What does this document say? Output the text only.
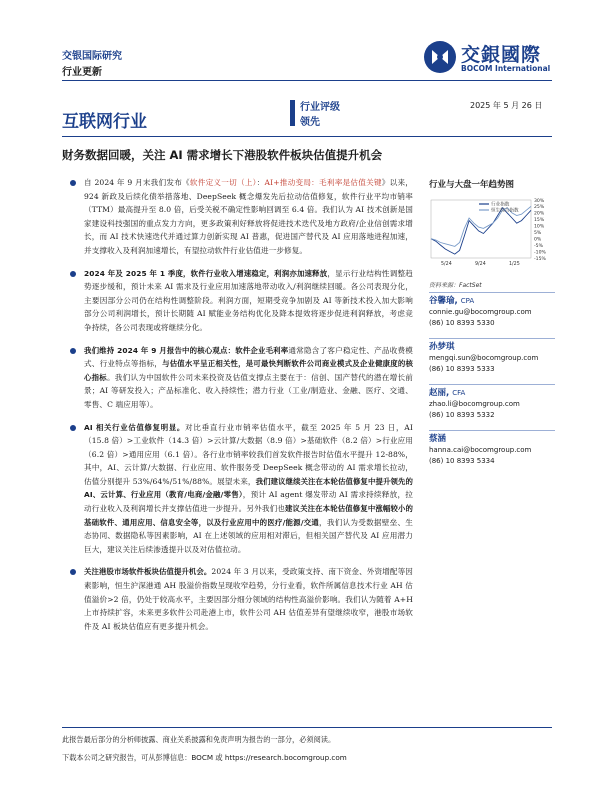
交银国际研究
行业更新
交銀國際
BOCOM International
互联网行业
行业评级
领先
2025 年 5 月 26 日
财务数据回暖，关注 AI 需求增长下港股软件板块估值提升机会

自 2024 年 9 月末我们发布《软件定义一切（上）：AI+推动变局：毛利率是估值关键》以来，924 新政及后续化债举措落地、DeepSeek 概念爆发先后拉动估值修复，软件行业平均市销率（TTM）最高提升至 8.0 倍，后受关税不确定性影响回调至 6.4 倍。我们认为 AI 技术创新是国家建设科技强国的重点发力方向，更多政策利好释放将促进技术迭代及地方政府/企业信创需求增长，而 AI 技术快速迭代并通过算力创新实现 AI 普惠，促进国产替代及 AI 应用落地进程加速，并支撑收入及利润加速增长，有望拉动软件行业估值进一步修复。

2024 年及 2025 年 1 季度，软件行业收入增速稳定，利润亦加速释放，显示行业结构性调整趋势逐步缓和，预计未来 AI 需求及行业应用加速落地带动收入/利润继续回暖。各公司表现分化，主要因部分公司仍在结构性调整阶段。利润方面，短期受竞争加剧及 AI 等新技术投入加大影响部分公司利润增长，预计长期随 AI 赋能业务结构优化及降本提效将逐步促进利润释放，考虑竞争持续，各公司表现或将继续分化。

我们维持 2024 年 9 月报告中的核心观点：软件企业毛利率通常隐含了客户稳定性、产品收费模式、行业特点等指标，与估值水平呈正相关性，是可最快判断软件公司商业模式及企业健康度的核心指标。我们认为中国软件公司未来投资及估值支撑点主要在于：信创、国产替代的潜在增长前景；AI 等研发投入；产品标准化、收入持续性；潜力行业（工业/制造业、金融、医疗、交通、零售、C 端应用等）。

AI 相关行业估值修复明显。对比垂直行业市销率估值水平，截至 2025 年 5 月 23 日，AI（15.8 倍）>工业软件（14.3 倍）>云计算/大数据（8.9 倍）>基础软件（8.2 倍）>行业应用（6.2 倍）>通用应用（6.1 倍）。各行业市销率较我们首发软件报告时估值水平提升 12-88%，其中，AI、云计算/大数据、行业应用、软件服务受 DeepSeek 概念带动的 AI 需求增长拉动，估值分别提升 53%/64%/51%/88%。展望未来，我们建议继续关注在本轮估值修复中提升领先的 AI、云计算、行业应用（教育/电商/金融/零售），预计 AI agent 爆发带动 AI 需求持续释放，拉动行业收入及利润增长并支撑估值进一步提升。另外我们也建议关注在本轮估值修复中涨幅较小的基础软件、通用应用、信息安全等，以及行业应用中的医疗/能源/交通，我们认为受数据壁垒、生态协同、数据隐私等因素影响，AI 在上述领域的应用相对滞后，但相关国产替代及 AI 应用潜力巨大，建议关注后续渗透提升以及对估值拉动。

关注港股市场软件板块估值提升机会。2024 年 3 月以来，受政策支持、南下资金、外资增配等因素影响，恒生沪深港通 AH 股溢价指数呈现收窄趋势，分行业看，软件所属信息技术行业 AH 估值溢价>2 倍，仍处于较高水平，主要因部分细分领域的结构性高溢价影响。我们认为随着 A+H 上市持续扩容，未来更多软件公司赴港上市，软件公司 AH 估值差异有望继续收窄，港股市场软件及 AI 板块估值应有更多提升机会。

行业与大盘一年趋势图
30%
25%
20%
15%
10%
5%
0%
-5%
-10%
-15%
5/24	9/24	1/25
行业指数
恒生综合指数
资料来源：FactSet
谷馨瑜, CPA
connie.gu@bocomgroup.com
(86) 10 8393 5330
孙梦琪
mengqi.sun@bocomgroup.com
(86) 10 8393 5333
赵丽, CFA
zhao.li@bocomgroup.com
(86) 10 8393 5332
蔡涵
hanna.cai@bocomgroup.com
(86) 10 8393 5334
此报告最后部分的分析师披露、商业关系披露和免责声明为报告的一部分，必须阅读。
下载本公司之研究报告，可从彭博信息：BOCM 或 https://research.bocomgroup.com
